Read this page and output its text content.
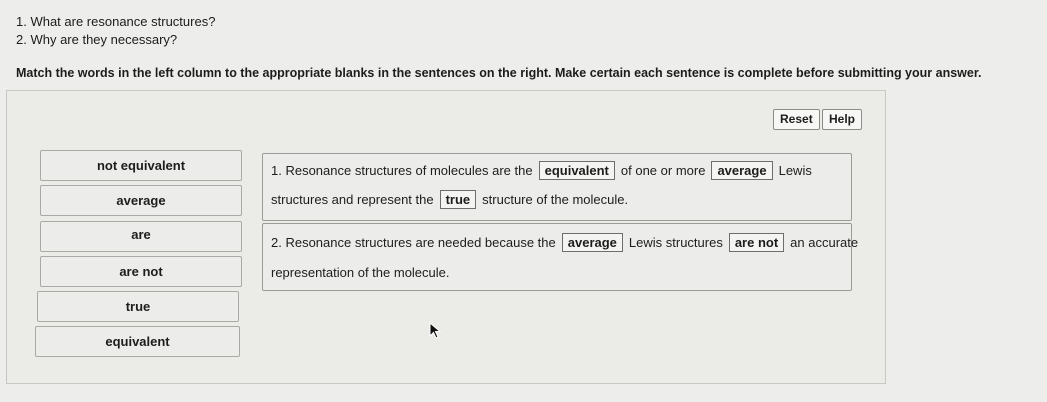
1. What are resonance structures?
2. Why are they necessary?
Match the words in the left column to the appropriate blanks in the sentences on the right. Make certain each sentence is complete before submitting your answer.
Reset	Help
not equivalent
average
are
are not
true
equivalent
1. Resonance structures of molecules are the equivalent of one or more average Lewis
structures and represent the true structure of the molecule.
2. Resonance structures are needed because the average Lewis structures are not an accurate
representation of the molecule.
